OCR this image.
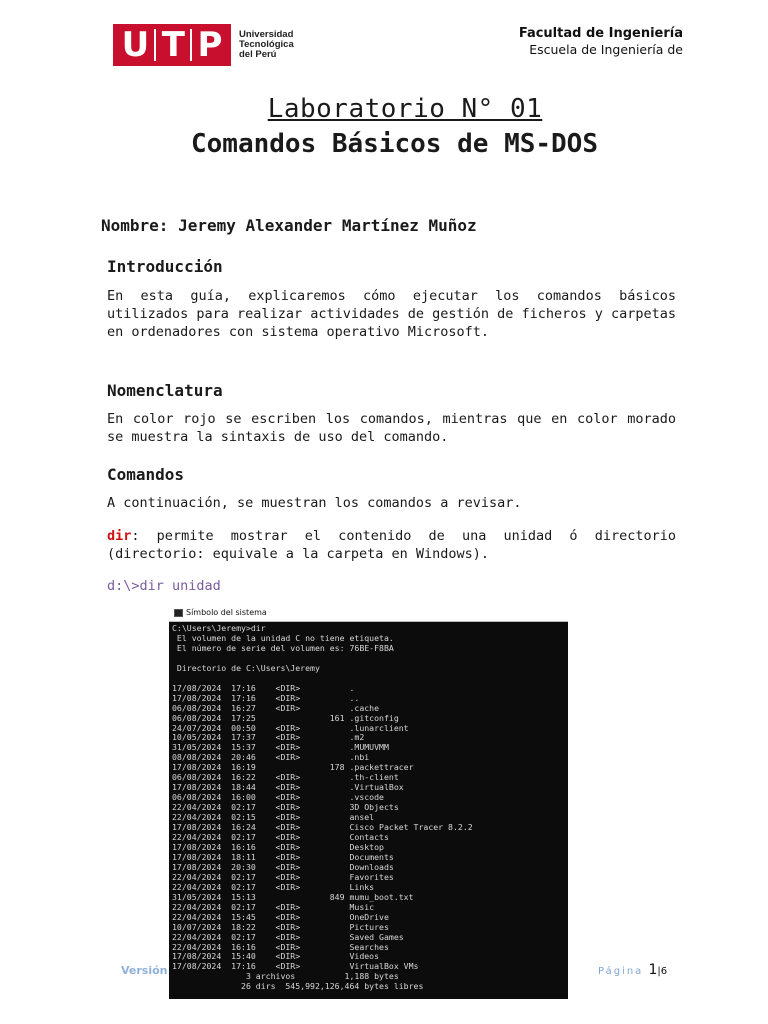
U T P Universidad
Tecnológica
del Perú
Facultad de Ingeniería
Escuela de Ingeniería de
Laboratorio N° 01
Comandos Básicos de MS-DOS
Nombre: Jeremy Alexander Martínez Muñoz
Introducción
En esta guía, explicaremos cómo ejecutar los comandos básicos utilizados para realizar actividades de gestión de ficheros y carpetas en ordenadores con sistema operativo Microsoft.
Nomenclatura
En color rojo se escriben los comandos, mientras que en color morado se muestra la sintaxis de uso del comando.
Comandos
A continuación, se muestran los comandos a revisar.
dir: permite mostrar el contenido de una unidad ó directorio (directorio: equivale a la carpeta en Windows).
d:\>dir unidad
Símbolo del sistema
C:\Users\Jeremy>dir
El volumen de la unidad C no tiene etiqueta.
El número de serie del volumen es: 76BE-F8BA

Directorio de C:\Users\Jeremy

17/08/2024  17:16    <DIR>          .
17/08/2024  17:16    <DIR>          ..
06/08/2024  16:27    <DIR>          .cache
06/08/2024  17:25               161 .gitconfig
24/07/2024  00:50    <DIR>          .lunarclient
10/05/2024  17:37    <DIR>          .m2
31/05/2024  15:37    <DIR>          .MUMUVMM
08/08/2024  20:46    <DIR>          .nbi
17/08/2024  16:19               178 .packettracer
06/08/2024  16:22    <DIR>          .th-client
17/08/2024  18:44    <DIR>          .VirtualBox
06/08/2024  16:00    <DIR>          .vscode
22/04/2024  02:17    <DIR>          3D Objects
22/04/2024  02:15    <DIR>          ansel
17/08/2024  16:24    <DIR>          Cisco Packet Tracer 8.2.2
22/04/2024  02:17    <DIR>          Contacts
17/08/2024  16:16    <DIR>          Desktop
17/08/2024  18:11    <DIR>          Documents
17/08/2024  20:30    <DIR>          Downloads
22/04/2024  02:17    <DIR>          Favorites
22/04/2024  02:17    <DIR>          Links
31/05/2024  15:13               849 mumu_boot.txt
22/04/2024  02:17    <DIR>          Music
22/04/2024  15:45    <DIR>          OneDrive
10/07/2024  18:22    <DIR>          Pictures
22/04/2024  02:17    <DIR>          Saved Games
22/04/2024  16:16    <DIR>          Searches
17/08/2024  15:40    <DIR>          Videos
17/08/2024  17:16    <DIR>          VirtualBox VMs
3 archivos          1,188 bytes
26 dirs  545,992,126,464 bytes libres
Versión	Página 1|6
